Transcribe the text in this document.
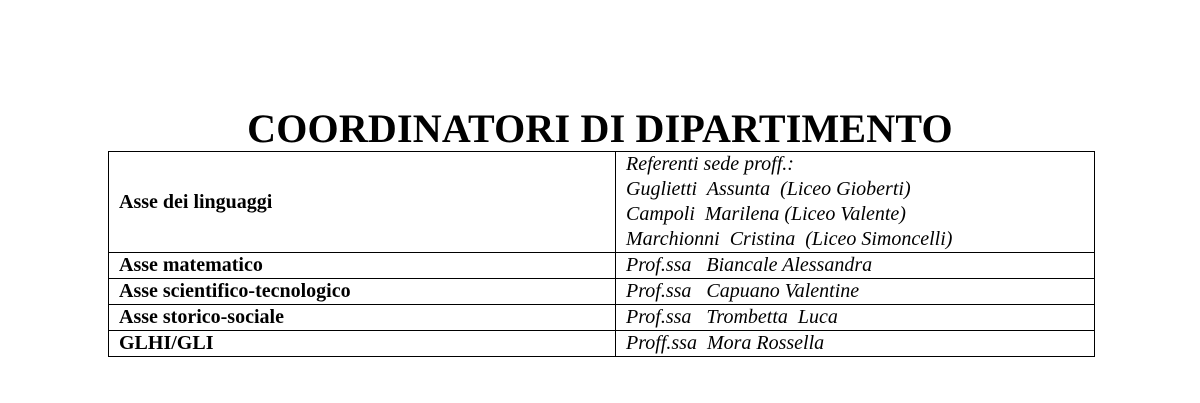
COORDINATORI DI DIPARTIMENTO
Asse dei linguaggi	Referenti sede proff.:
Guglietti  Assunta  (Liceo Gioberti)
Campoli  Marilena (Liceo Valente)
Marchionni  Cristina  (Liceo Simoncelli)

Asse matematico	Prof.ssa   Biancale Alessandra

Asse scientifico-tecnologico	Prof.ssa   Capuano Valentine

Asse storico-sociale	Prof.ssa   Trombetta  Luca

GLHI/GLI	Proff.ssa  Mora Rossella
